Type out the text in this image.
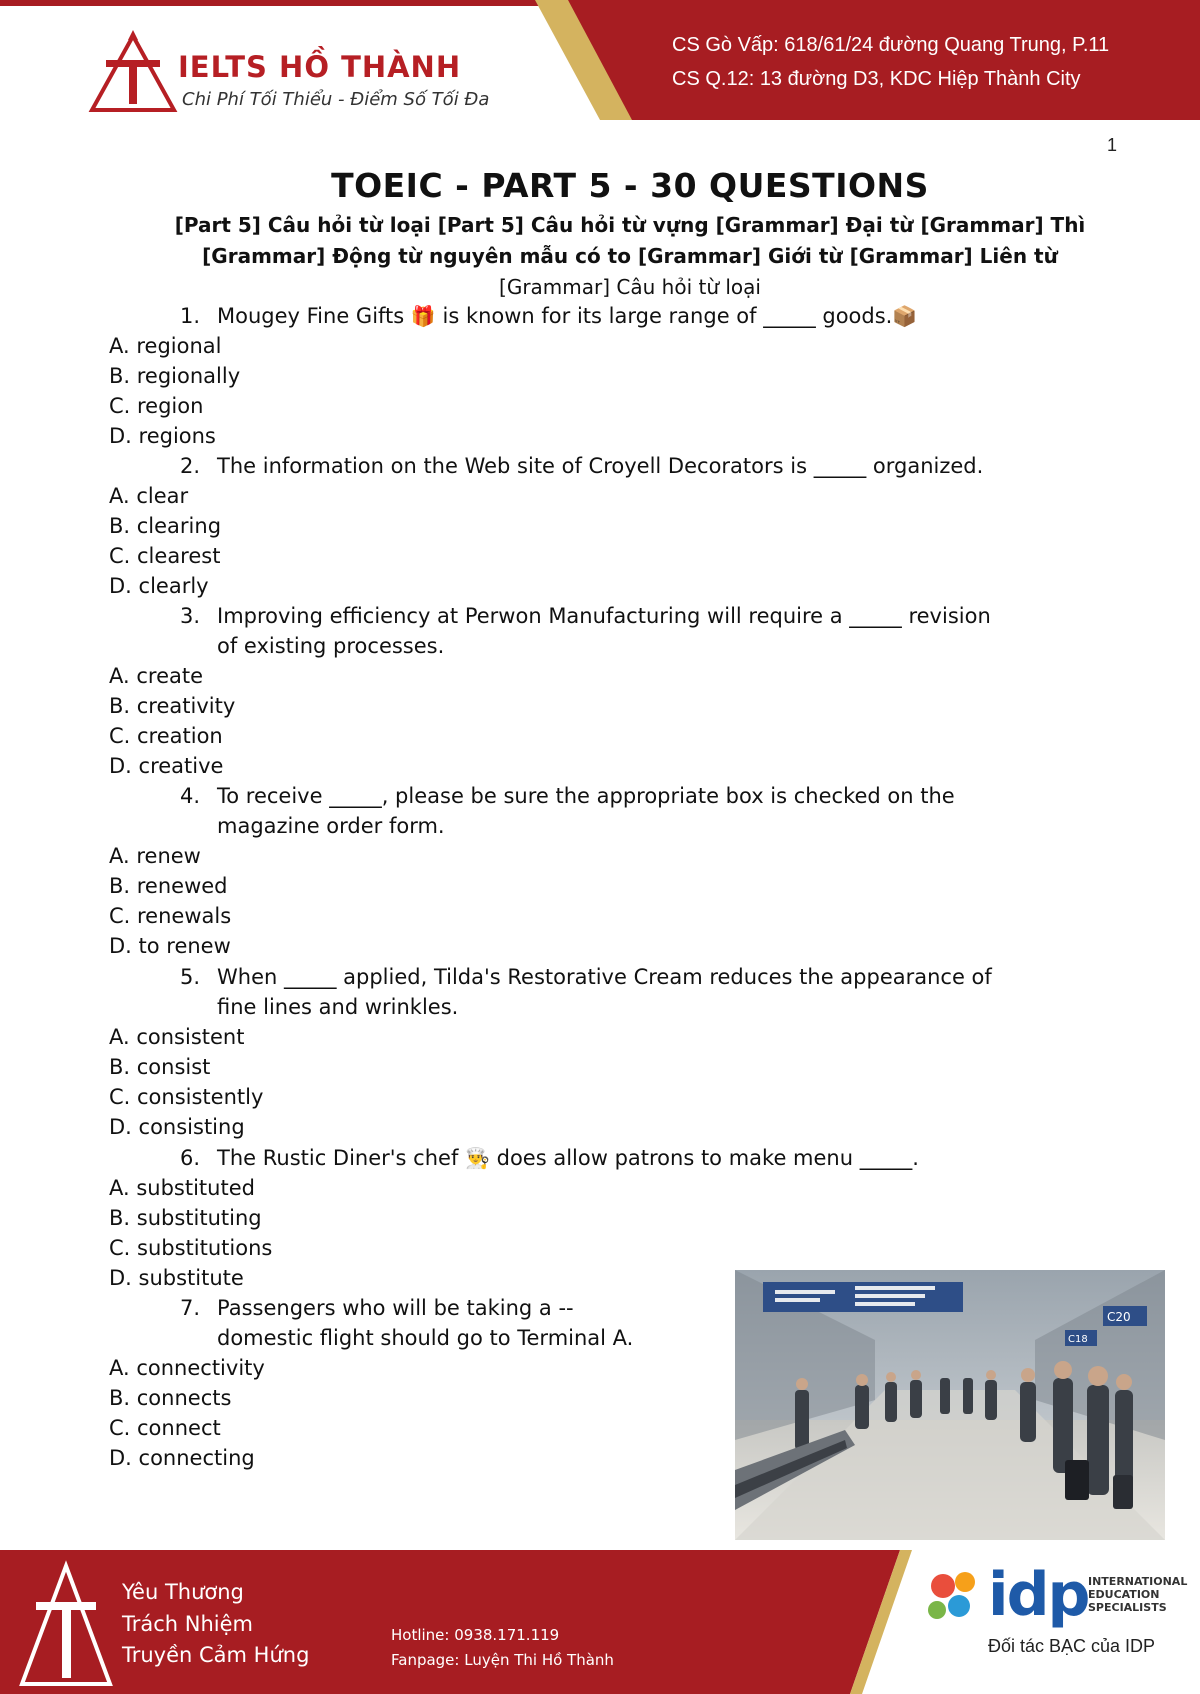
IELTS HỒ THÀNH
Chi Phí Tối Thiểu - Điểm Số Tối Đa
CS Gò Vấp: 618/61/24 đường Quang Trung, P.11
CS Q.12: 13 đường D3, KDC Hiệp Thành City
1
TOEIC - PART 5 - 30 QUESTIONS
[Part 5] Câu hỏi từ loại [Part 5] Câu hỏi từ vựng [Grammar] Đại từ [Grammar] Thì
[Grammar] Động từ nguyên mẫu có to [Grammar] Giới từ [Grammar] Liên từ
[Grammar] Câu hỏi từ loại
1. Mougey Fine Gifts 🎁 is known for its large range of _____ goods.📦
A. regional
B. regionally
C. region
D. regions
2. The information on the Web site of Croyell Decorators is _____ organized.
A. clear
B. clearing
C. clearest
D. clearly
3. Improving efficiency at Perwon Manufacturing will require a _____ revision
of existing processes.
A. create
B. creativity
C. creation
D. creative
4. To receive _____, please be sure the appropriate box is checked on the
magazine order form.
A. renew
B. renewed
C. renewals
D. to renew
5. When _____ applied, Tilda's Restorative Cream reduces the appearance of
fine lines and wrinkles.
A. consistent
B. consist
C. consistently
D. consisting
6. The Rustic Diner's chef 👨‍🍳 does allow patrons to make menu _____.
A. substituted
B. substituting
C. substitutions
D. substitute
7. Passengers who will be taking a --
domestic flight should go to Terminal A.
A. connectivity
B. connects
C. connect
D. connecting
C20
C18
Yêu Thương
Trách Nhiệm
Truyền Cảm Hứng
Hotline: 0938.171.119
Fanpage: Luyện Thi Hồ Thành
idp INTERNATIONAL
EDUCATION
SPECIALISTS
Đối tác BẠC của IDP
